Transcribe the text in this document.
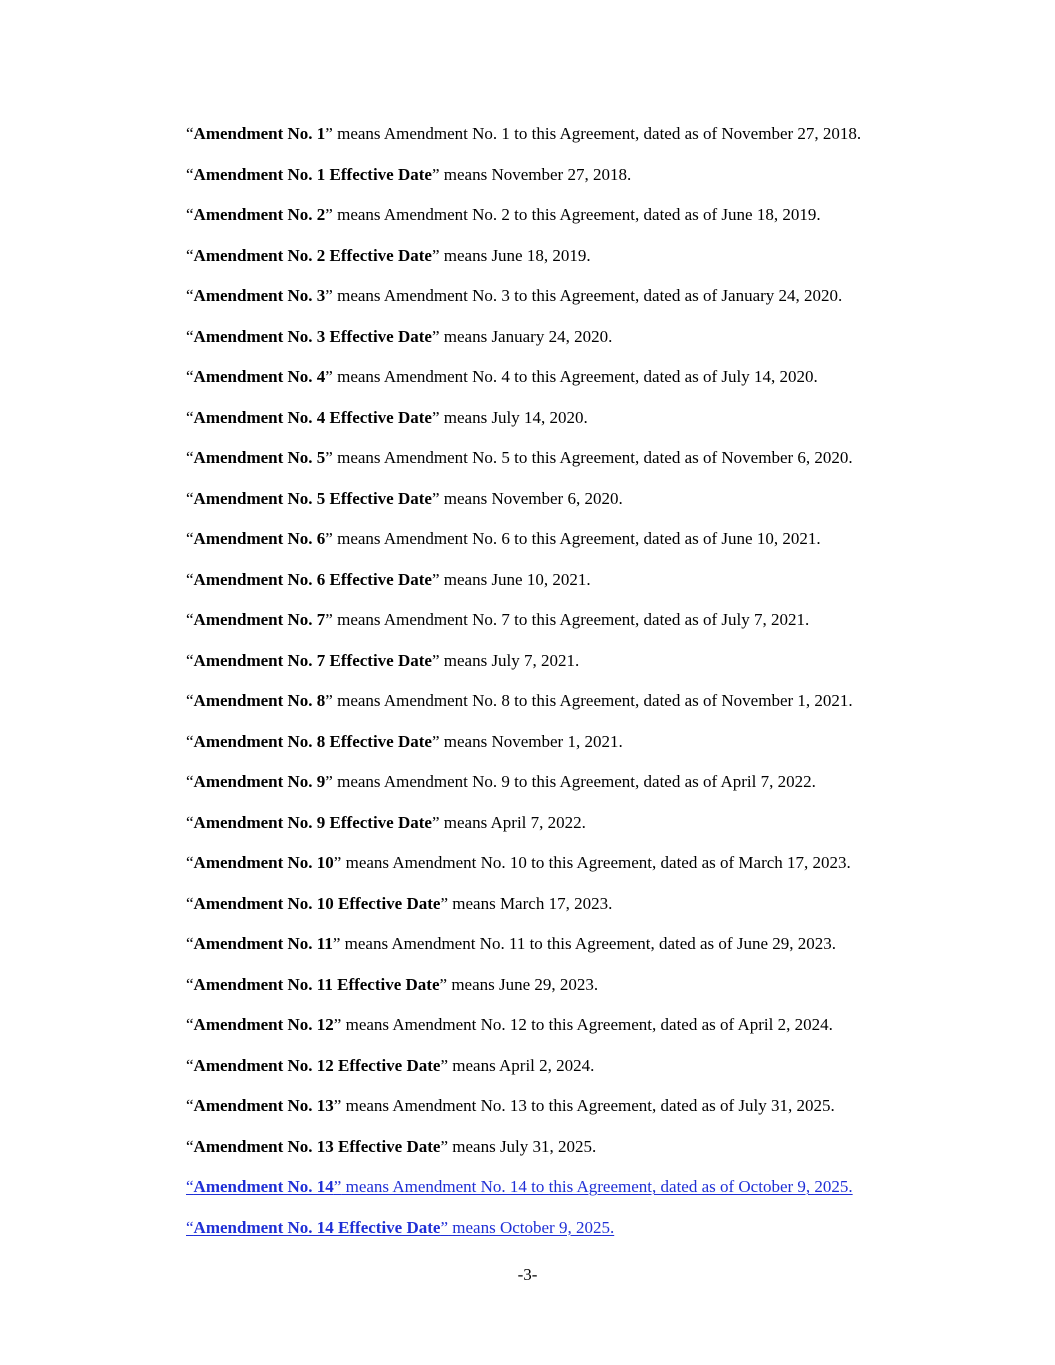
“Amendment No. 1” means Amendment No. 1 to this Agreement, dated as of November 27, 2018.
“Amendment No. 1 Effective Date” means November 27, 2018.
“Amendment No. 2” means Amendment No. 2 to this Agreement, dated as of June 18, 2019.
“Amendment No. 2 Effective Date” means June 18, 2019.
“Amendment No. 3” means Amendment No. 3 to this Agreement, dated as of January 24, 2020.
“Amendment No. 3 Effective Date” means January 24, 2020.
“Amendment No. 4” means Amendment No. 4 to this Agreement, dated as of July 14, 2020.
“Amendment No. 4 Effective Date” means July 14, 2020.
“Amendment No. 5” means Amendment No. 5 to this Agreement, dated as of November 6, 2020.
“Amendment No. 5 Effective Date” means November 6, 2020.
“Amendment No. 6” means Amendment No. 6 to this Agreement, dated as of June 10, 2021.
“Amendment No. 6 Effective Date” means June 10, 2021.
“Amendment No. 7” means Amendment No. 7 to this Agreement, dated as of July 7, 2021.
“Amendment No. 7 Effective Date” means July 7, 2021.
“Amendment No. 8” means Amendment No. 8 to this Agreement, dated as of November 1, 2021.
“Amendment No. 8 Effective Date” means November 1, 2021.
“Amendment No. 9” means Amendment No. 9 to this Agreement, dated as of April 7, 2022.
“Amendment No. 9 Effective Date” means April 7, 2022.
“Amendment No. 10” means Amendment No. 10 to this Agreement, dated as of March 17, 2023.
“Amendment No. 10 Effective Date” means March 17, 2023.
“Amendment No. 11” means Amendment No. 11 to this Agreement, dated as of June 29, 2023.
“Amendment No. 11 Effective Date” means June 29, 2023.
“Amendment No. 12” means Amendment No. 12 to this Agreement, dated as of April 2, 2024.
“Amendment No. 12 Effective Date” means April 2, 2024.
“Amendment No. 13” means Amendment No. 13 to this Agreement, dated as of July 31, 2025.
“Amendment No. 13 Effective Date” means July 31, 2025.
“Amendment No. 14” means Amendment No. 14 to this Agreement, dated as of October 9, 2025.
“Amendment No. 14 Effective Date” means October 9, 2025.
-3-
